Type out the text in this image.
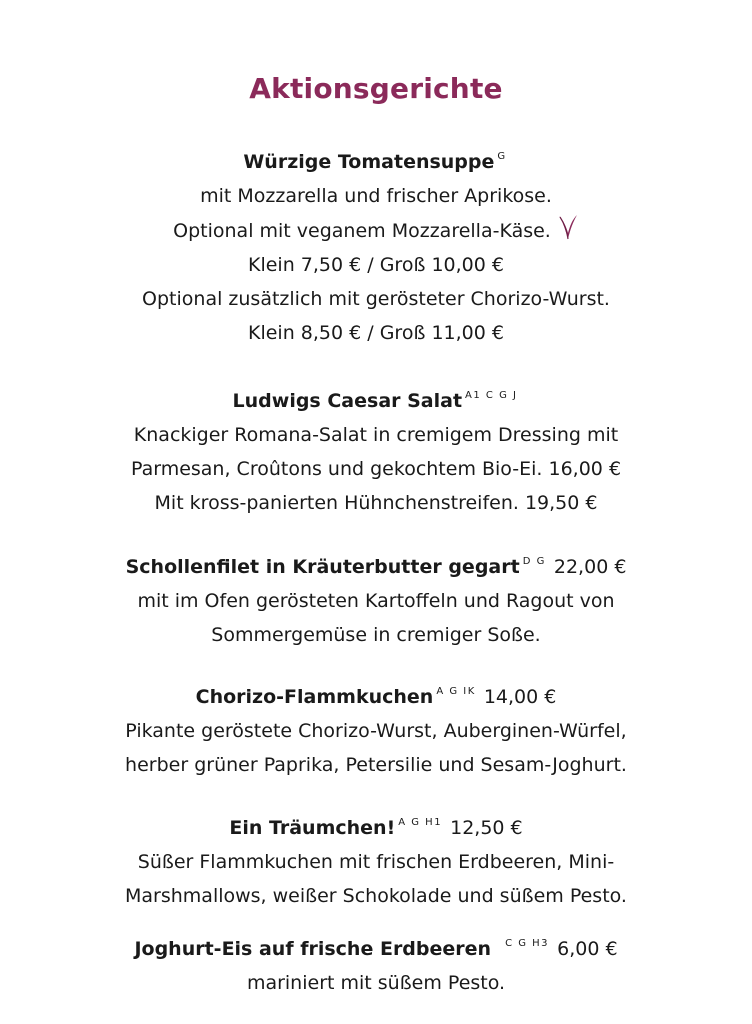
Aktionsgerichte
Würzige Tomatensuppe $^G$
mit Mozzarella und frischer Aprikose.
Optional mit veganem Mozzarella-Käse.
Klein 7,50 € / Groß 10,00 €
Optional zusätzlich mit gerösteter Chorizo-Wurst.
Klein 8,50 € / Groß 11,00 €
Ludwigs Caesar Salat $^{A1 C G J}$
Knackiger Romana-Salat in cremigem Dressing mit
Parmesan, Croûtons und gekochtem Bio-Ei. 16,00 €
Mit kross-panierten Hühnchenstreifen. 19,50 €
Schollenfilet in Kräuterbutter gegart $^{D G}$ 22,00 €
mit im Ofen gerösteten Kartoffeln und Ragout von
Sommergemüse in cremiger Soße.
Chorizo-Flammkuchen $^{A G IK}$ 14,00 €
Pikante geröstete Chorizo-Wurst, Auberginen-Würfel,
herber grüner Paprika, Petersilie und Sesam-Joghurt.
Ein Träumchen! $^{A G H1}$ 12,50 €
Süßer Flammkuchen mit frischen Erdbeeren, Mini-
Marshmallows, weißer Schokolade und süßem Pesto.
Joghurt-Eis auf frische Erdbeeren $^{C G H3}$ 6,00 €
mariniert mit süßem Pesto.
